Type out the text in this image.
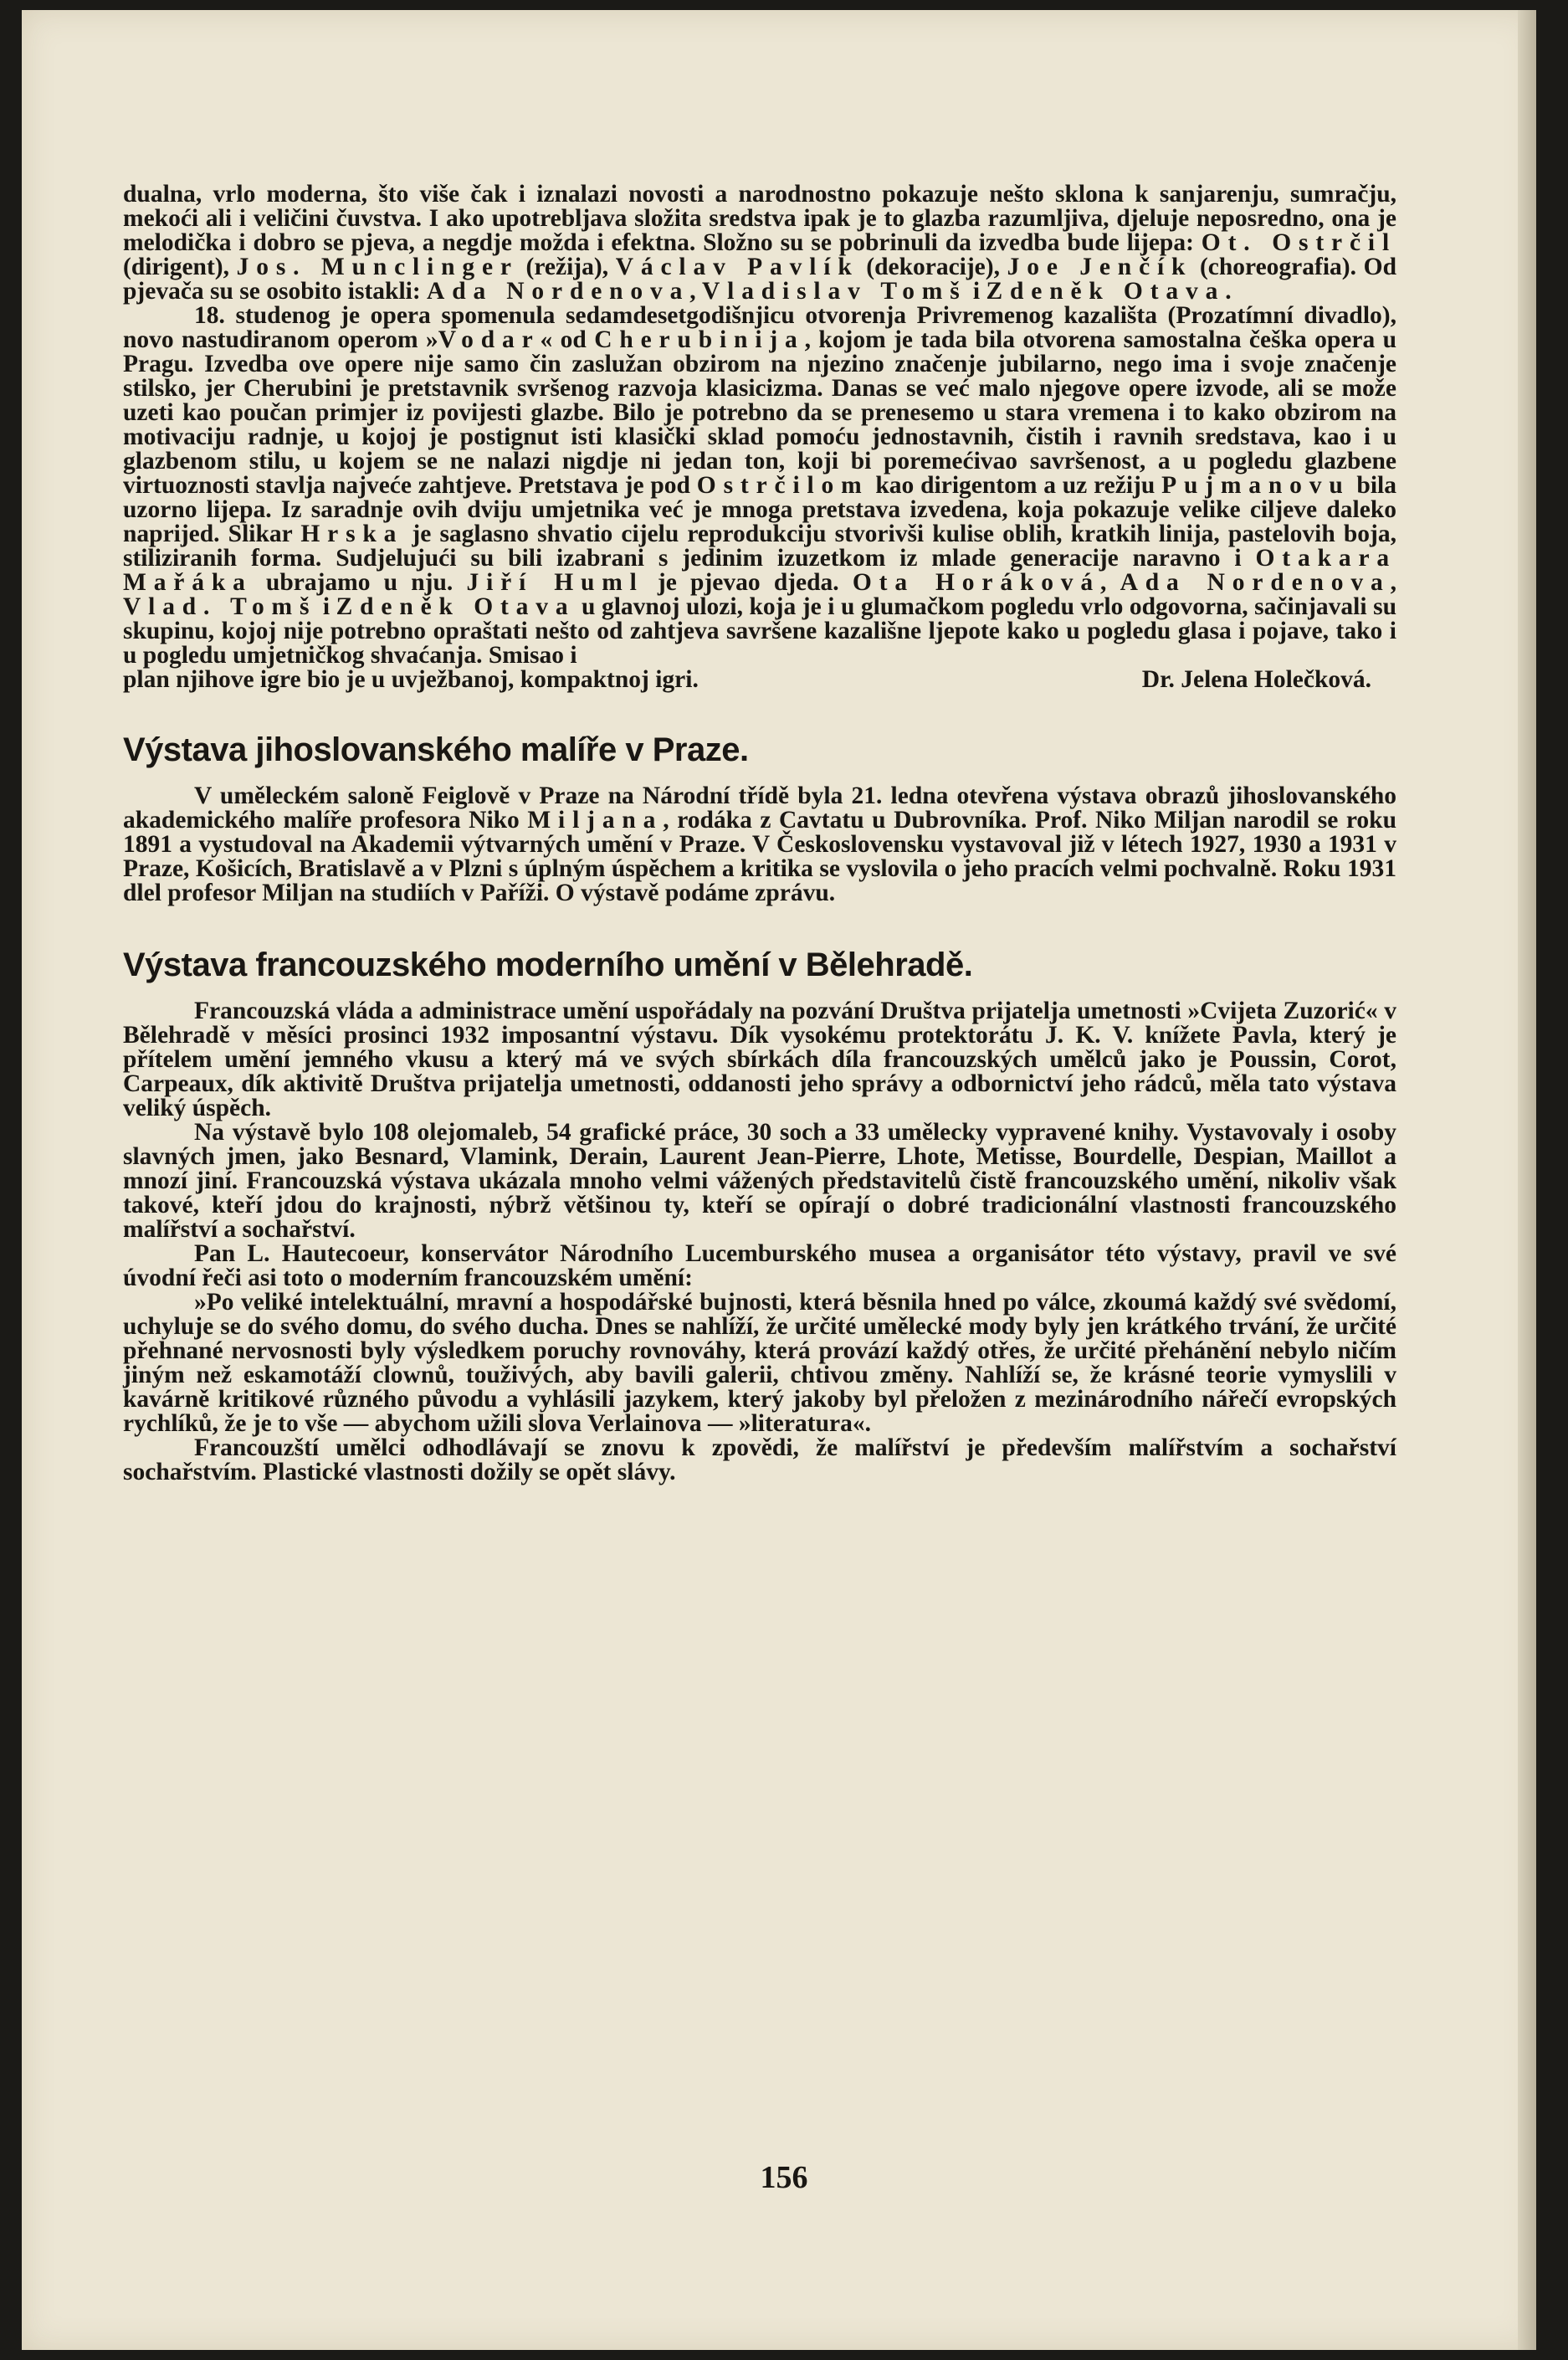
dualna, vrlo moderna, što više čak i iznalazi novosti a narodnostno pokazuje nešto sklona k sanjarenju, sumračju, mekoći ali i veličini čuvstva. I ako upotrebljava složita sredstva ipak je to glazba razumljiva, djeluje neposredno, ona je melodička i dobro se pjeva, a negdje možda i efektna. Složno su se pobrinuli da izvedba bude lijepa: Ot. Ostrčil (dirigent), Jos. Munclinger (režija), Václav Pavlík (dekoracije), Joe Jenčík (choreografia). Od pjevača su se osobito istakli: Ada Nordenova, Vladislav Tomš i Zdeněk Otava.

18. studenog je opera spomenula sedamdesetgodišnjicu otvorenja Privremenog kazališta (Prozatímní divadlo), novo nastudiranom operom »Vodar« od Cherubinija, kojom je tada bila otvorena samostalna češka opera u Pragu. Izvedba ove opere nije samo čin zaslužan obzirom na njezino značenje jubilarno, nego ima i svoje značenje stilsko, jer Cherubini je pretstavnik svršenog razvoja klasicizma. Danas se već malo njegove opere izvode, ali se može uzeti kao poučan primjer iz povijesti glazbe. Bilo je potrebno da se prenesemo u stara vremena i to kako obzirom na motivaciju radnje, u kojoj je postignut isti klasički sklad pomoću jednostavnih, čistih i ravnih sredstava, kao i u glazbenom stilu, u kojem se ne nalazi nigdje ni jedan ton, koji bi poremećivao savršenost, a u pogledu glazbene virtuoznosti stavlja najveće zahtjeve. Pretstava je pod Ostrčilom kao dirigentom a uz režiju Pujmanovu bila uzorno lijepa. Iz saradnje ovih dviju umjetnika već je mnoga pretstava izvedena, koja pokazuje velike ciljeve daleko naprijed. Slikar Hrska je saglasno shvatio cijelu reprodukciju stvorivši kulise oblih, kratkih linija, pastelovih boja, stiliziranih forma. Sudjelujući su bili izabrani s jedinim izuzetkom iz mlade generacije naravno i Otakara Mařáka ubrajamo u nju. Jiří Huml je pjevao djeda. Ota Horáková, Ada Nordenova, Vlad. Tomš i Zdeněk Otava u glavnoj ulozi, koja je i u glumačkom pogledu vrlo odgovorna, sačinjavali su skupinu, kojoj nije potrebno opraštati nešto od zahtjeva savršene kazališne ljepote kako u pogledu glasa i pojave, tako i u pogledu umjetničkog shvaćanja. Smisao i

plan njihove igre bio je u uvježbanoj, kompaktnoj igri.	Dr. Jelena Holečková.
Výstava jihoslovanského malíře v Praze.

V uměleckém saloně Feiglově v Praze na Národní třídě byla 21. ledna otevřena výstava obrazů jihoslovanského akademického malíře profesora Niko Miljana, rodáka z Cavtatu u Dubrovníka. Prof. Niko Miljan narodil se roku 1891 a vystudoval na Akademii výtvarných umění v Praze. V Československu vystavoval již v létech 1927, 1930 a 1931 v Praze, Košicích, Bratislavě a v Plzni s úplným úspěchem a kritika se vyslovila o jeho pracích velmi pochvalně. Roku 1931 dlel profesor Miljan na studiích v Paříži. O výstavě podáme zprávu.

Výstava francouzského moderního umění v Bělehradě.

Francouzská vláda a administrace umění uspořádaly na pozvání Društva prijatelja umetnosti »Cvijeta Zuzorić« v Bělehradě v měsíci prosinci 1932 imposantní výstavu. Dík vysokému protektorátu J. K. V. knížete Pavla, který je přítelem umění jemného vkusu a který má ve svých sbírkách díla francouzských umělců jako je Poussin, Corot, Carpeaux, dík aktivitě Društva prijatelja umetnosti, oddanosti jeho správy a odbornictví jeho rádců, měla tato výstava veliký úspěch.

Na výstavě bylo 108 olejomaleb, 54 grafické práce, 30 soch a 33 umělecky vypravené knihy. Vystavovaly i osoby slavných jmen, jako Besnard, Vlamink, Derain, Laurent Jean-Pierre, Lhote, Metisse, Bourdelle, Despian, Maillot a mnozí jiní. Francouzská výstava ukázala mnoho velmi vážených představitelů čistě francouzského umění, nikoliv však takové, kteří jdou do krajnosti, nýbrž většinou ty, kteří se opírají o dobré tradicionální vlastnosti francouzského malířství a sochařství.

Pan L. Hautecoeur, konservátor Národního Lucemburského musea a organisátor této výstavy, pravil ve své úvodní řeči asi toto o moderním francouzském umění:

»Po veliké intelektuální, mravní a hospodářské bujnosti, která běsnila hned po válce, zkoumá každý své svědomí, uchyluje se do svého domu, do svého ducha. Dnes se nahlíží, že určité umělecké mody byly jen krátkého trvání, že určité přehnané nervosnosti byly výsledkem poruchy rovnováhy, která provází každý otřes, že určité přehánění nebylo ničím jiným než eskamotáží clownů, touživých, aby bavili galerii, chtivou změny. Nahlíží se, že krásné teorie vymyslili v kavárně kritikové různého původu a vyhlásili jazykem, který jakoby byl přeložen z mezinárodního nářečí evropských rychlíků, že je to vše — abychom užili slova Verlainova — »literatura«.

Francouzští umělci odhodlávají se znovu k zpovědi, že malířství je především malířstvím a sochařství sochařstvím. Plastické vlastnosti dožily se opět slávy.

156
